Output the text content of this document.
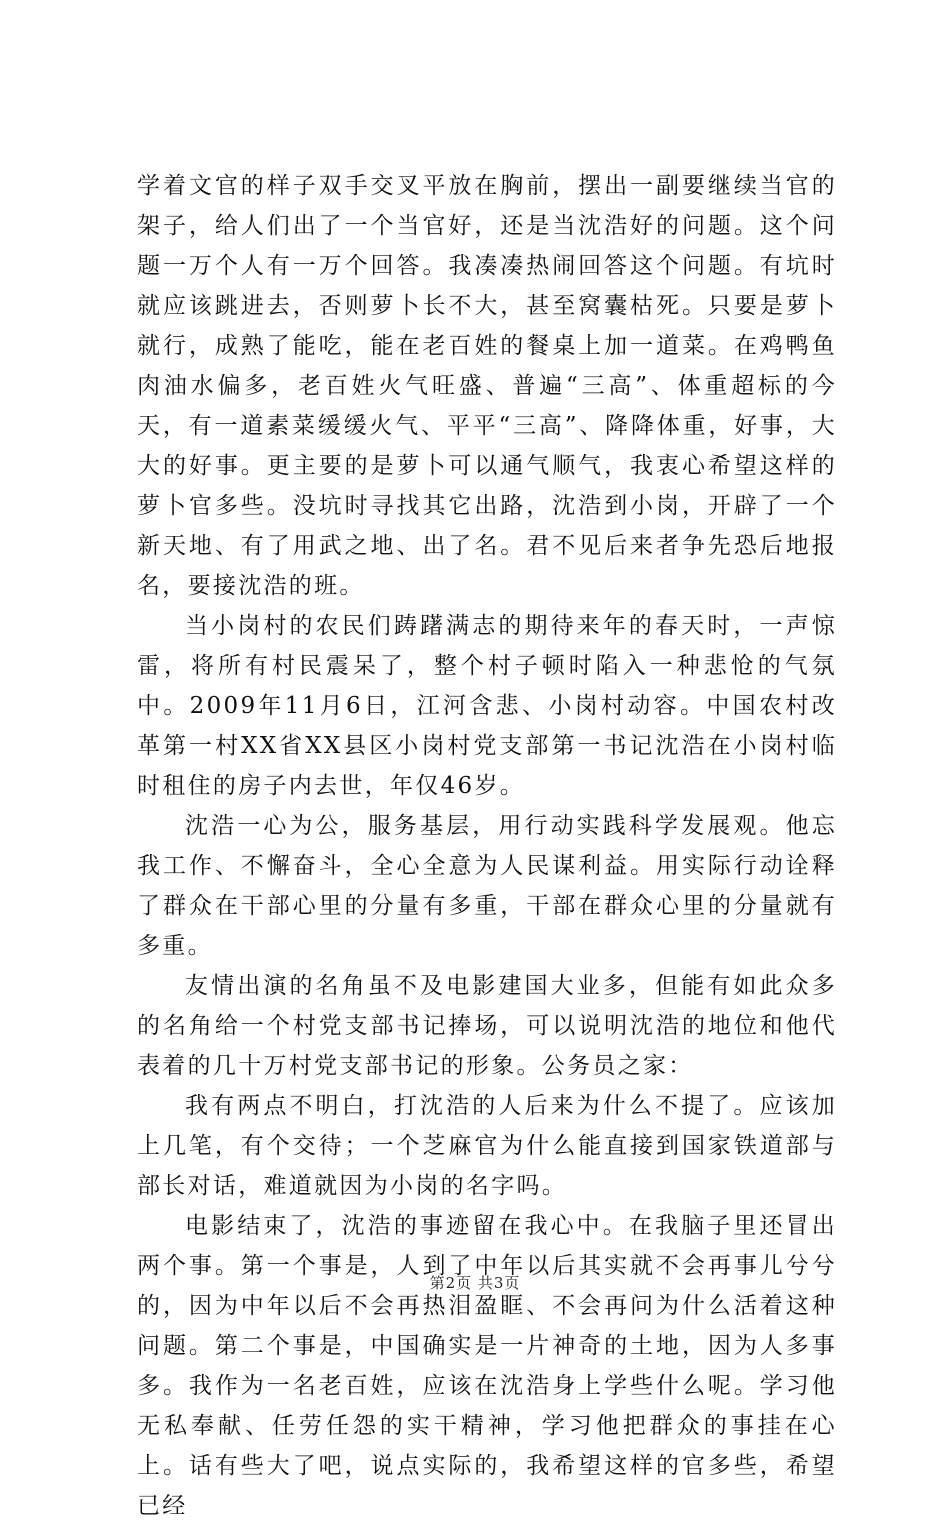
学着文官的样子双手交叉平放在胸前，摆出一副要继续当官的架子，给人们出了一个当官好，还是当沈浩好的问题。这个问题一万个人有一万个回答。我凑凑热闹回答这个问题。有坑时就应该跳进去，否则萝卜长不大，甚至窝囊枯死。只要是萝卜就行，成熟了能吃，能在老百姓的餐桌上加一道菜。在鸡鸭鱼肉油水偏多，老百姓火气旺盛、普遍“三高”、体重超标的今天，有一道素菜缓缓火气、平平“三高”、降降体重，好事，大大的好事。更主要的是萝卜可以通气顺气，我衷心希望这样的萝卜官多些。没坑时寻找其它出路，沈浩到小岗，开辟了一个新天地、有了用武之地、出了名。君不见后来者争先恐后地报名，要接沈浩的班。

当小岗村的农民们踌躇满志的期待来年的春天时，一声惊雷，将所有村民震呆了，整个村子顿时陷入一种悲怆的气氛中。2009年11月6日，江河含悲、小岗村动容。中国农村改革第一村XX省XX县区小岗村党支部第一书记沈浩在小岗村临时租住的房子内去世，年仅46岁。

沈浩一心为公，服务基层，用行动实践科学发展观。他忘我工作、不懈奋斗，全心全意为人民谋利益。用实际行动诠释了群众在干部心里的分量有多重，干部在群众心里的分量就有多重。

友情出演的名角虽不及电影建国大业多，但能有如此众多的名角给一个村党支部书记捧场，可以说明沈浩的地位和他代表着的几十万村党支部书记的形象。公务员之家：

我有两点不明白，打沈浩的人后来为什么不提了。应该加上几笔，有个交待；一个芝麻官为什么能直接到国家铁道部与部长对话，难道就因为小岗的名字吗。

电影结束了，沈浩的事迹留在我心中。在我脑子里还冒出两个事。第一个事是，人到了中年以后其实就不会再事儿兮兮的，因为中年以后不会再热泪盈眶、不会再问为什么活着这种问题。第二个事是，中国确实是一片神奇的土地，因为人多事多。我作为一名老百姓，应该在沈浩身上学些什么呢。学习他无私奉献、任劳任怨的实干精神，学习他把群众的事挂在心上。话有些大了吧，说点实际的，我希望这样的官多些，希望已经

第2页 共3页
